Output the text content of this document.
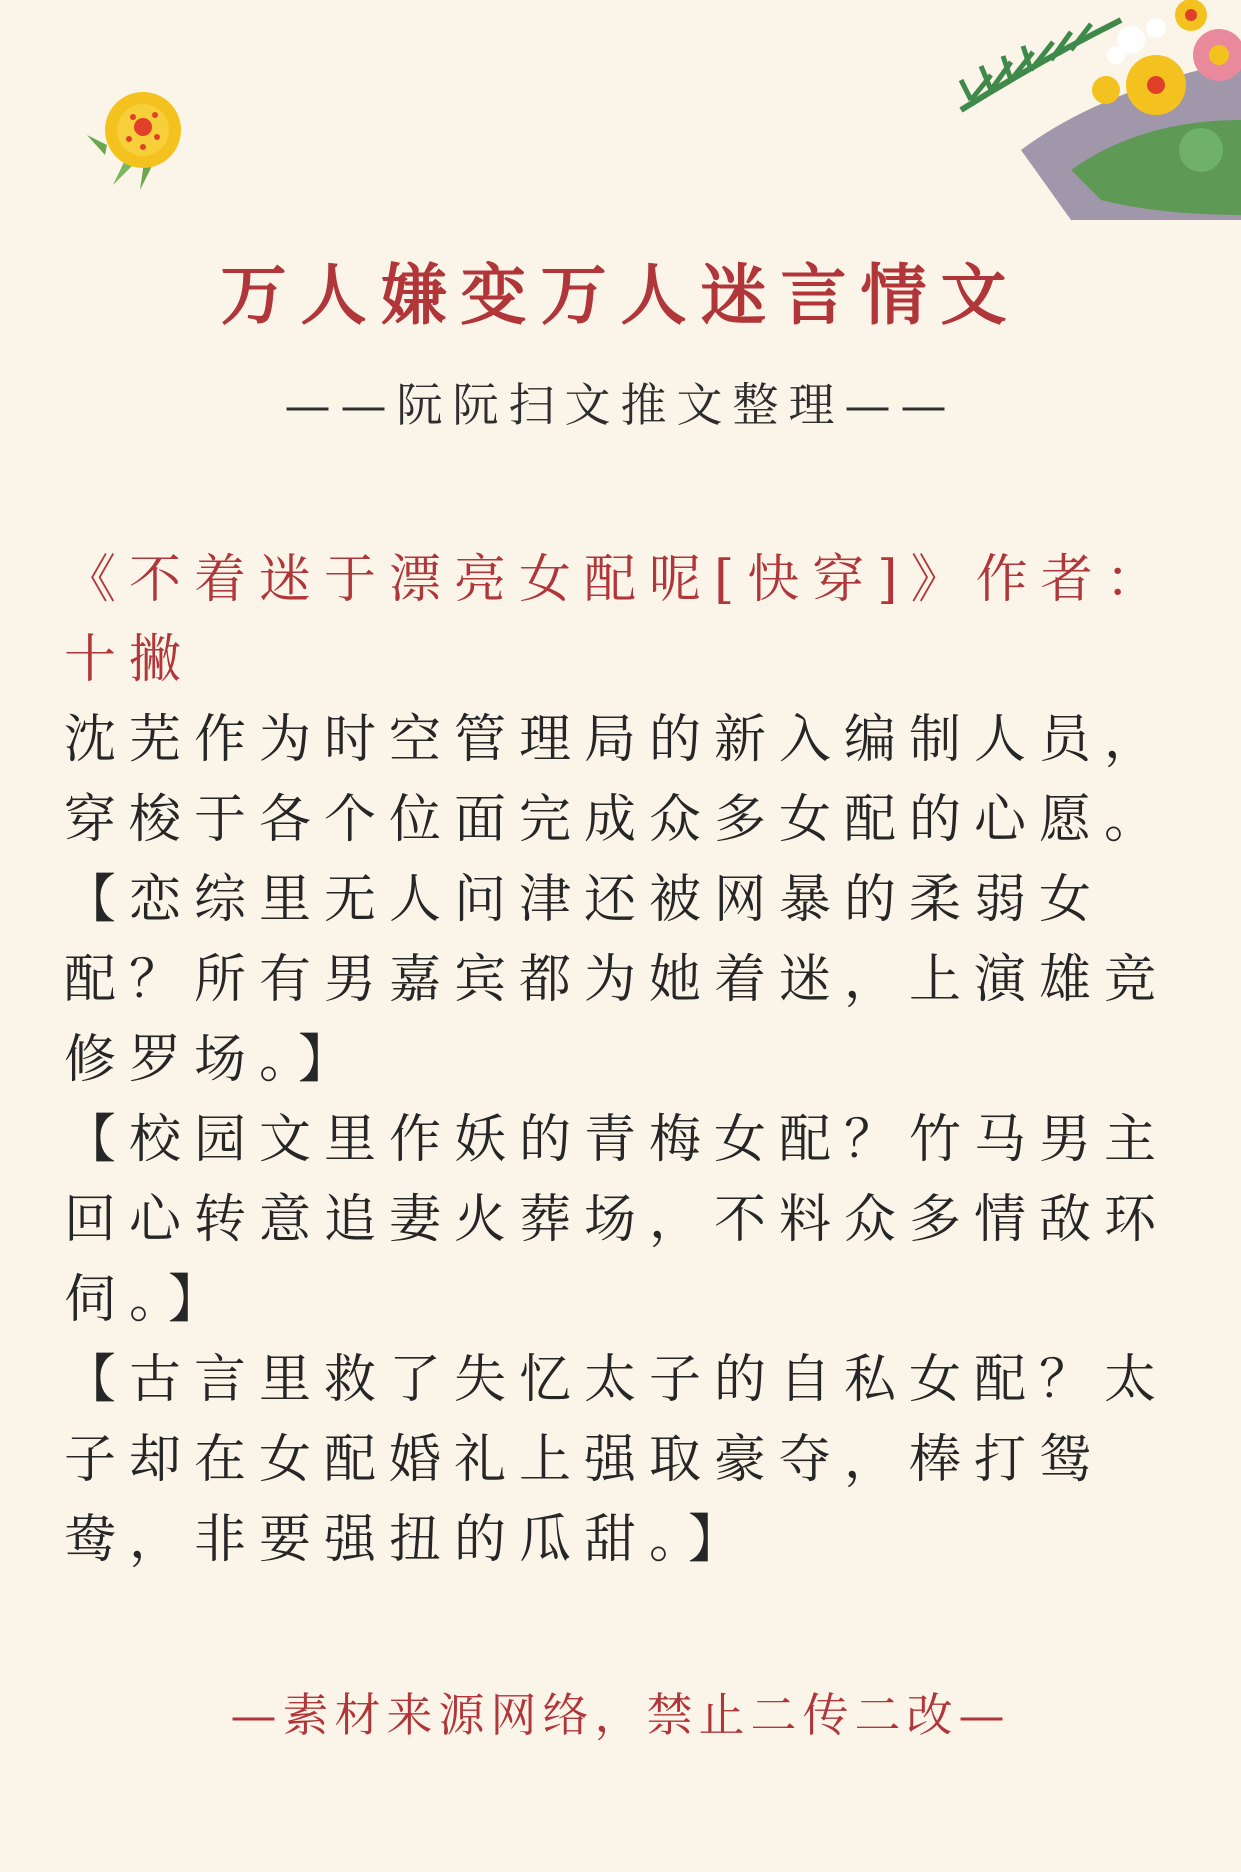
万人嫌变万人迷言情文
——阮阮扫文推文整理——

《不着迷于漂亮女配呢[快穿]》作者：十撇

沈芜作为时空管理局的新入编制人员，穿梭于各个位面完成众多女配的心愿。

【恋综里无人问津还被网暴的柔弱女配？所有男嘉宾都为她着迷，上演雄竞修罗场。】

【校园文里作妖的青梅女配？竹马男主回心转意追妻火葬场，不料众多情敌环伺。】

【古言里救了失忆太子的自私女配？太子却在女配婚礼上强取豪夺，棒打鸳鸯，非要强扭的瓜甜。】

—素材来源网络，禁止二传二改—
